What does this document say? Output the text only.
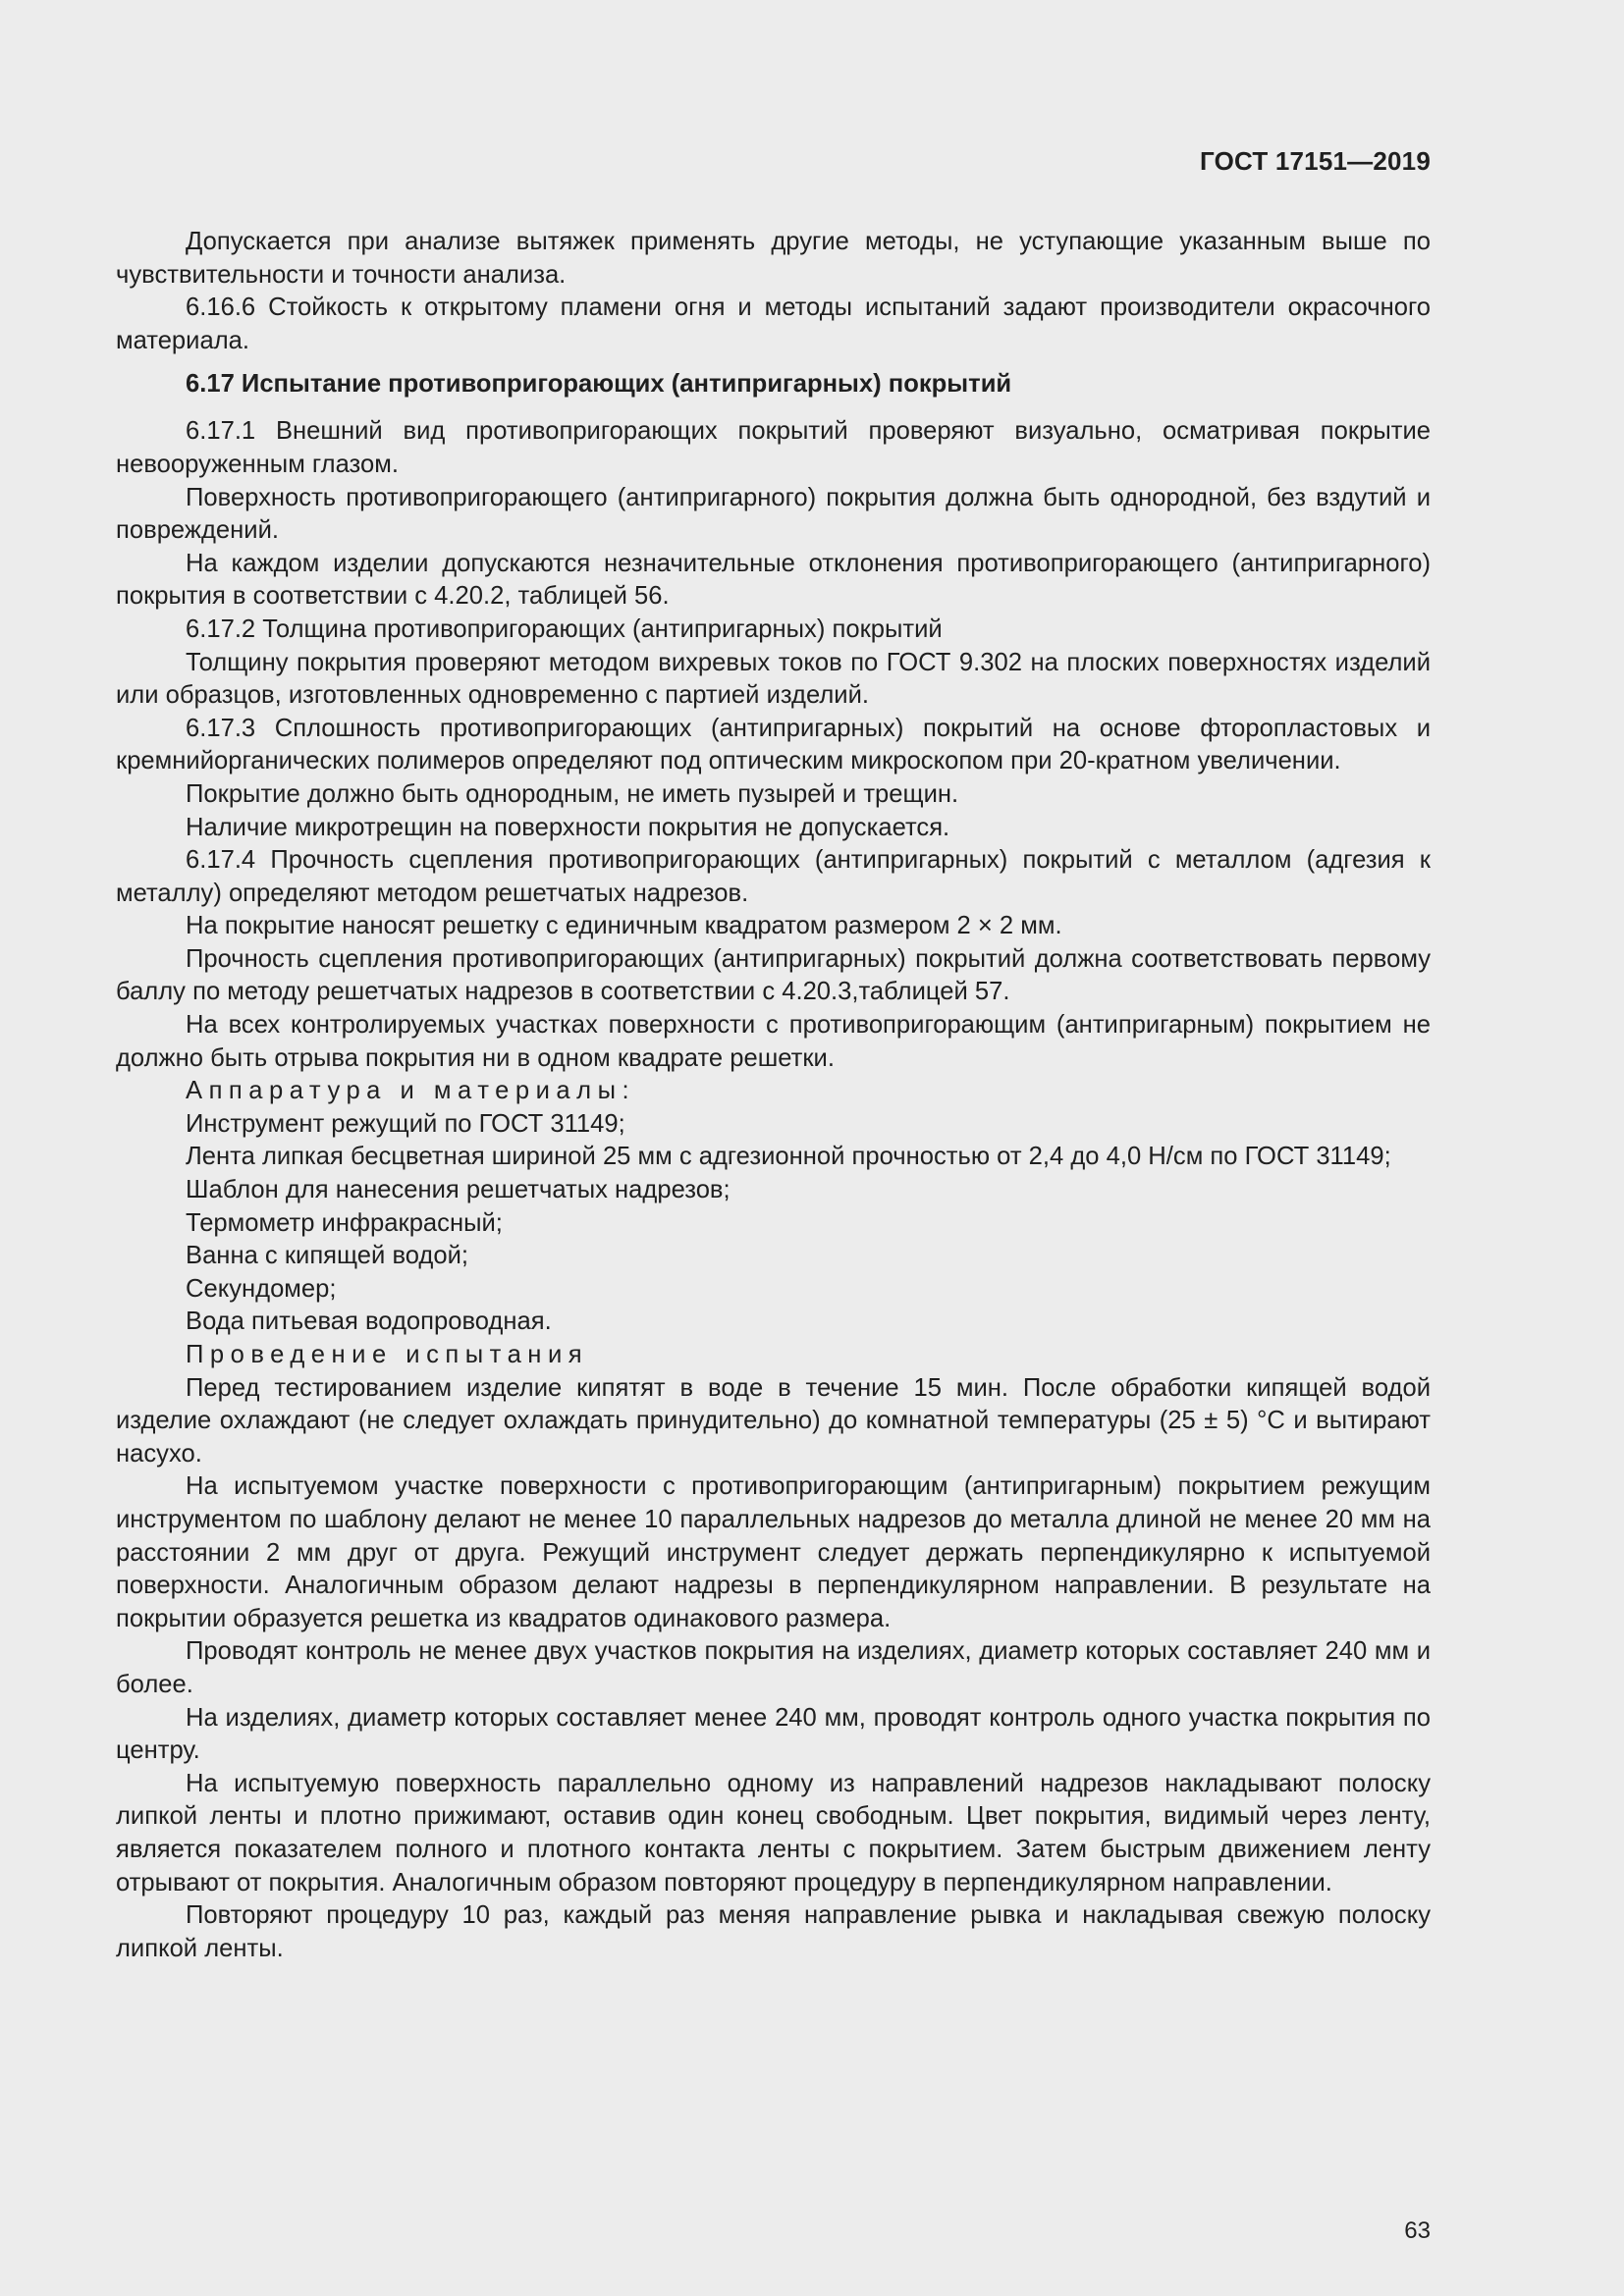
ГОСТ 17151—2019

Допускается при анализе вытяжек применять другие методы, не уступающие указанным выше по чувствительности и точности анализа.

6.16.6 Стойкость к открытому пламени огня и методы испытаний задают производители окрасочного материала.

6.17 Испытание противопригорающих (антипригарных) покрытий

6.17.1 Внешний вид противопригорающих покрытий проверяют визуально, осматривая покрытие невооруженным глазом.

Поверхность противопригорающего (антипригарного) покрытия должна быть однородной, без вздутий и повреждений.

На каждом изделии допускаются незначительные отклонения противопригорающего (антипригарного) покрытия в соответствии с 4.20.2, таблицей 56.

6.17.2 Толщина противопригорающих (антипригарных) покрытий

Толщину покрытия проверяют методом вихревых токов по ГОСТ 9.302 на плоских поверхностях изделий или образцов, изготовленных одновременно с партией изделий.

6.17.3 Сплошность противопригорающих (антипригарных) покрытий на основе фторопластовых и кремнийорганических полимеров определяют под оптическим микроскопом при 20-кратном увеличении.

Покрытие должно быть однородным, не иметь пузырей и трещин.

Наличие микротрещин на поверхности покрытия не допускается.

6.17.4 Прочность сцепления противопригорающих (антипригарных) покрытий с металлом (адгезия к металлу) определяют методом решетчатых надрезов.

На покрытие наносят решетку с единичным квадратом размером 2 × 2 мм.

Прочность сцепления противопригорающих (антипригарных) покрытий должна соответствовать первому баллу по методу решетчатых надрезов в соответствии с 4.20.3,таблицей 57.

На всех контролируемых участках поверхности с противопригорающим (антипригарным) покрытием не должно быть отрыва покрытия ни в одном квадрате решетки.

Аппаратура и материалы:

Инструмент режущий по ГОСТ 31149;

Лента липкая бесцветная шириной 25 мм с адгезионной прочностью от 2,4 до 4,0 Н/см по ГОСТ 31149;

Шаблон для нанесения решетчатых надрезов;

Термометр инфракрасный;

Ванна с кипящей водой;

Секундомер;

Вода питьевая водопроводная.

Проведение испытания

Перед тестированием изделие кипятят в воде в течение 15 мин. После обработки кипящей водой изделие охлаждают (не следует охлаждать принудительно) до комнатной температуры (25 ± 5) °С и вытирают насухо.

На испытуемом участке поверхности с противопригорающим (антипригарным) покрытием режущим инструментом по шаблону делают не менее 10 параллельных надрезов до металла длиной не менее 20 мм на расстоянии 2 мм друг от друга. Режущий инструмент следует держать перпендикулярно к испытуемой поверхности. Аналогичным образом делают надрезы в перпендикулярном направлении. В результате на покрытии образуется решетка из квадратов одинакового размера.

Проводят контроль не менее двух участков покрытия на изделиях, диаметр которых составляет 240 мм и более.

На изделиях, диаметр которых составляет менее 240 мм, проводят контроль одного участка покрытия по центру.

На испытуемую поверхность параллельно одному из направлений надрезов накладывают полоску липкой ленты и плотно прижимают, оставив один конец свободным. Цвет покрытия, видимый через ленту, является показателем полного и плотного контакта ленты с покрытием. Затем быстрым движением ленту отрывают от покрытия. Аналогичным образом повторяют процедуру в перпендикулярном направлении.

Повторяют процедуру 10 раз, каждый раз меняя направление рывка и накладывая свежую полоску липкой ленты.

63
